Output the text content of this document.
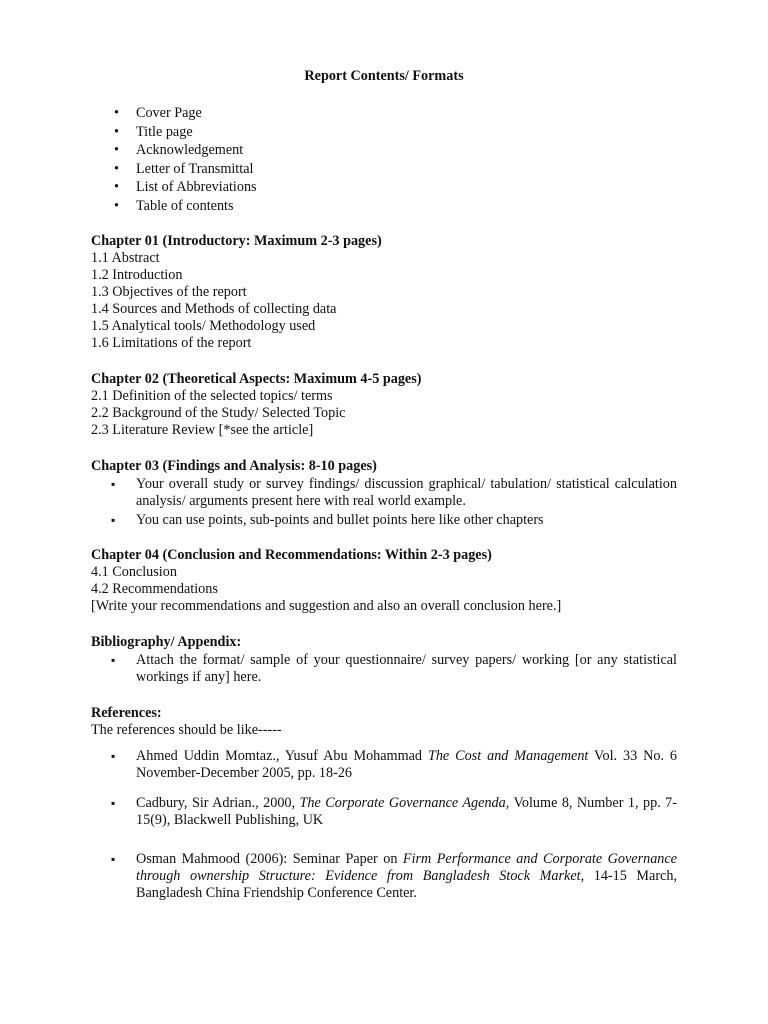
Report Contents/ Formats
• Cover Page
• Title page
• Acknowledgement
• Letter of Transmittal
• List of Abbreviations
• Table of contents
Chapter 01 (Introductory: Maximum 2-3 pages)
1.1 Abstract
1.2 Introduction
1.3 Objectives of the report
1.4 Sources and Methods of collecting data
1.5 Analytical tools/ Methodology used
1.6 Limitations of the report
Chapter 02 (Theoretical Aspects: Maximum 4-5 pages)
2.1 Definition of the selected topics/ terms
2.2 Background of the Study/ Selected Topic
2.3 Literature Review [*see the article]
Chapter 03 (Findings and Analysis: 8-10 pages)
▪ Your overall study or survey findings/ discussion graphical/ tabulation/ statistical calculation analysis/ arguments present here with real world example.
▪ You can use points, sub-points and bullet points here like other chapters
Chapter 04 (Conclusion and Recommendations: Within 2-3 pages)
4.1 Conclusion
4.2 Recommendations
[Write your recommendations and suggestion and also an overall conclusion here.]
Bibliography/ Appendix:
▪ Attach the format/ sample of your questionnaire/ survey papers/ working [or any statistical workings if any] here.
References:
The references should be like-----
▪ Ahmed Uddin Momtaz., Yusuf Abu Mohammad The Cost and Management Vol. 33 No. 6 November-December 2005, pp. 18-26
▪ Cadbury, Sir Adrian., 2000, The Corporate Governance Agenda, Volume 8, Number 1, pp. 7- 15(9), Blackwell Publishing, UK
▪ Osman Mahmood (2006): Seminar Paper on Firm Performance and Corporate Governance through ownership Structure: Evidence from Bangladesh Stock Market, 14-15 March, Bangladesh China Friendship Conference Center.
